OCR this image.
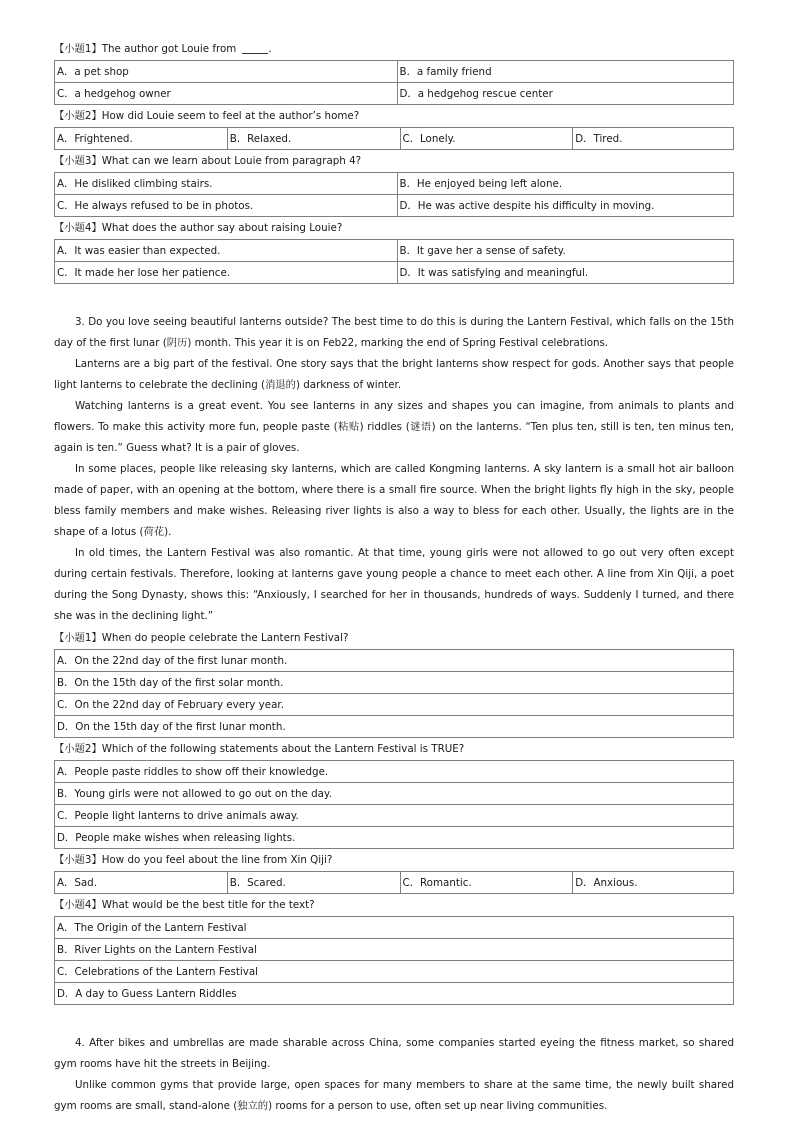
【小题1】The author got Louie from	.
A．a pet shop	B．a family friend
C．a hedgehog owner	D．a hedgehog rescue center
【小题2】How did Louie seem to feel at the author’s home?
A．Frightened.	B．Relaxed.	C．Lonely.	D．Tired.
【小题3】What can we learn about Louie from paragraph 4?
A．He disliked climbing stairs.	B．He enjoyed being left alone.
C．He always refused to be in photos.	D．He was active despite his difficulty in moving.
【小题4】What does the author say about raising Louie?
A．It was easier than expected.	B．It gave her a sense of safety.
C．It made her lose her patience.	D．It was satisfying and meaningful.

3. Do you love seeing beautiful lanterns outside? The best time to do this is during the Lantern Festival, which falls on the 15th day of the first lunar (阴历) month. This year it is on Feb22, marking the end of Spring Festival celebrations.

Lanterns are a big part of the festival. One story says that the bright lanterns show respect for gods. Another says that people light lanterns to celebrate the declining (消退的) darkness of winter.

Watching lanterns is a great event. You see lanterns in any sizes and shapes you can imagine, from animals to plants and flowers. To make this activity more fun, people paste (粘贴) riddles (谜语) on the lanterns. “Ten plus ten, still is ten, ten minus ten, again is ten.” Guess what? It is a pair of gloves.

In some places, people like releasing sky lanterns, which are called Kongming lanterns. A sky lantern is a small hot air balloon made of paper, with an opening at the bottom, where there is a small fire source. When the bright lights fly high in the sky, people bless family members and make wishes. Releasing river lights is also a way to bless for each other. Usually, the lights are in the shape of a lotus (荷花).

In old times, the Lantern Festival was also romantic. At that time, young girls were not allowed to go out very often except during certain festivals. Therefore, looking at lanterns gave young people a chance to meet each other. A line from Xin Qiji, a poet during the Song Dynasty, shows this: “Anxiously, I searched for her in thousands, hundreds of ways. Suddenly I turned, and there she was in the declining light.”

【小题1】When do people celebrate the Lantern Festival?
A．On the 22nd day of the first lunar month.
B．On the 15th day of the first solar month.
C．On the 22nd day of February every year.
D．On the 15th day of the first lunar month.
【小题2】Which of the following statements about the Lantern Festival is TRUE?
A．People paste riddles to show off their knowledge.
B．Young girls were not allowed to go out on the day.
C．People light lanterns to drive animals away.
D．People make wishes when releasing lights.
【小题3】How do you feel about the line from Xin Qiji?
A．Sad.	B．Scared.	C．Romantic.	D．Anxious.
【小题4】What would be the best title for the text?
A．The Origin of the Lantern Festival
B．River Lights on the Lantern Festival
C．Celebrations of the Lantern Festival
D．A day to Guess Lantern Riddles

4. After bikes and umbrellas are made sharable across China, some companies started eyeing the fitness market, so shared gym rooms have hit the streets in Beijing.

Unlike common gyms that provide large, open spaces for many members to share at the same time, the newly built shared gym rooms are small, stand-alone (独立的) rooms for a person to use, often set up near living communities.
